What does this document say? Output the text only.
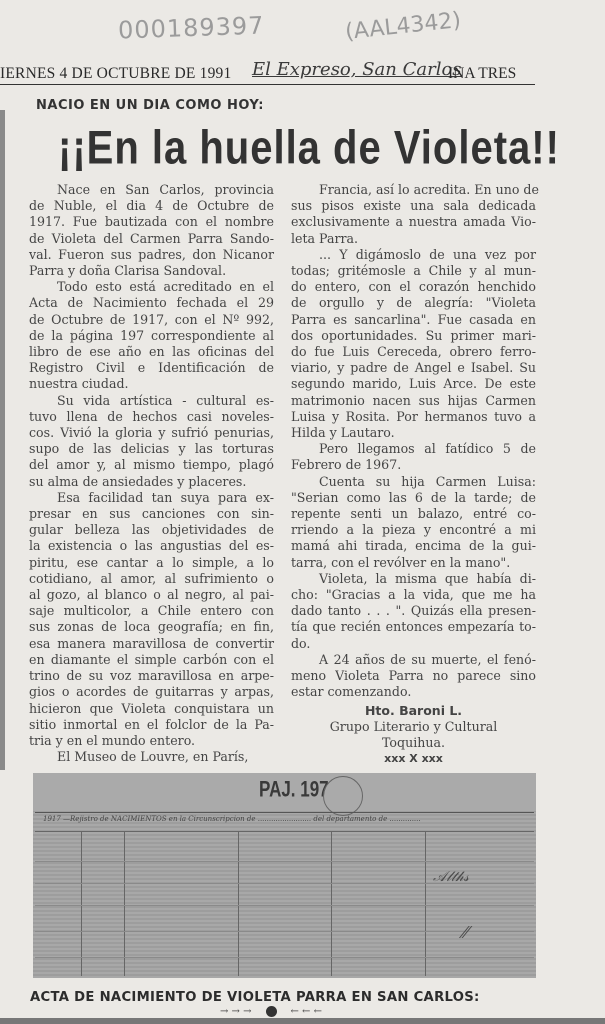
000189397	(AAL4342)
IERNES 4 DE OCTUBRE DE 1991 El Expreso, San Carlos
INA TRES
NACIO EN UN DIA COMO HOY:
¡¡En la huella de Violeta!!
Nace en San Carlos, provincia
de Nuble, el dia 4 de Octubre de
1917. Fue bautizada con el nombre
de Violeta del Carmen Parra Sando-
val. Fueron sus padres, don Nicanor
Parra y doña Clarisa Sandoval.
Todo esto está acreditado en el
Acta de Nacimiento fechada el 29
de Octubre de 1917, con el Nº 992,
de la página 197 correspondiente al
libro de ese año en las oficinas del
Registro Civil e Identificación de
nuestra ciudad.
Su vida artística - cultural es-
tuvo llena de hechos casi noveles-
cos. Vivió la gloria y sufrió penurias,
supo de las delicias y las torturas
del amor y, al mismo tiempo, plagó
su alma de ansiedades y placeres.
Esa facilidad tan suya para ex-
presar en sus canciones con sin-
gular belleza las objetividades de
la existencia o las angustias del es-
piritu, ese cantar a lo simple, a lo
cotidiano, al amor, al sufrimiento o
al gozo, al blanco o al negro, al pai-
saje multicolor, a Chile entero con
sus zonas de loca geografía; en fin,
esa manera maravillosa de convertir
en diamante el simple carbón con el
trino de su voz maravillosa en arpe-
gios o acordes de guitarras y arpas,
hicieron que Violeta conquistara un
sitio inmortal en el folclor de la Pa-
tria y en el mundo entero.
El Museo de Louvre, en París,
Francia, así lo acredita. En uno de
sus pisos existe una sala dedicada
exclusivamente a nuestra amada Vio-
leta Parra.
... Y digámoslo de una vez por
todas; gritémosle a Chile y al mun-
do entero, con el corazón henchido
de orgullo y de alegría: "Violeta
Parra es sancarlina". Fue casada en
dos oportunidades. Su primer mari-
do fue Luis Cereceda, obrero ferro-
viario, y padre de Angel e Isabel. Su
segundo marido, Luis Arce. De este
matrimonio nacen sus hijas Carmen
Luisa y Rosita. Por hermanos tuvo a
Hilda y Lautaro.
Pero llegamos al fatídico 5 de
Febrero de 1967.
Cuenta su hija Carmen Luisa:
"Serian como las 6 de la tarde; de
repente senti un balazo, entré co-
rriendo a la pieza y encontré a mi
mamá ahi tirada, encima de la gui-
tarra, con el revólver en la mano".
Violeta, la misma que había di-
cho: "Gracias a la vida, que me ha
dado tanto . . . ". Quizás ella presen-
tía que recién entonces empezaría to-
do.
A 24 años de su muerte, el fenó-
meno Violeta Parra no parece sino
estar comenzando.
Hto. Baroni L.
Grupo Literario y Cultural
Toquihua.
xxx X xxx
PAJ. 197
1917 —Rejistro de NACIMIENTOS en la Circunscripcion de ........................ del departamento de ..............
𝒜𝓁𝓉𝒽𝓈
⁄⁄
ACTA DE NACIMIENTO DE VIOLETA PARRA EN SAN CARLOS:
→ → →	← ← ←
